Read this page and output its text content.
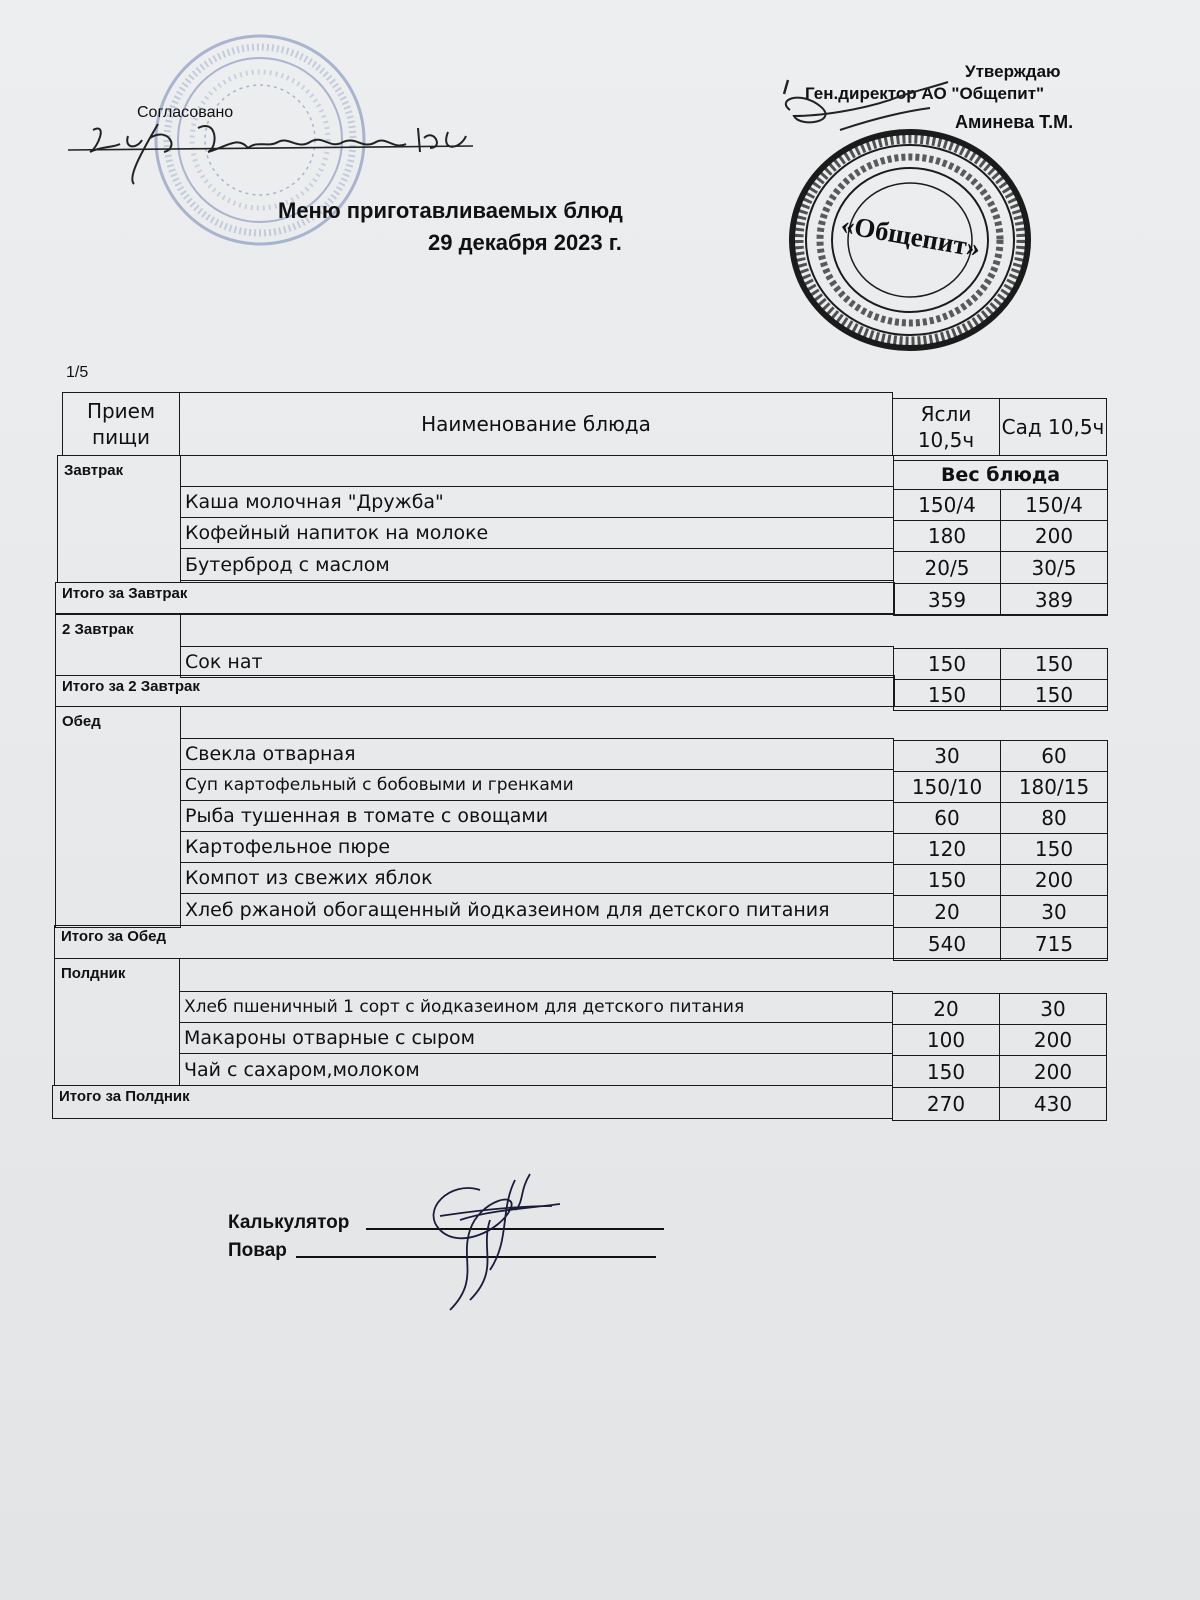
Согласовано
Утверждаю
Ген.директор АО "Общепит"
Аминева Т.М.
«Общепит»
Меню приготавливаемых блюд
29 декабря 2023 г.
1/5
Прием пищи
Наименование блюда	Ясли 10,5ч
Сад 10,5ч
Завтрак	Вес блюда
Каша молочная "Дружба"	150/4	150/4
Кофейный напиток на молоке	180	200
Бутерброд с маслом	20/5	30/5
Итого за Завтрак	359	389
2 Завтрак
Сок нат	150	150
Итого за 2 Завтрак	150	150
Обед
Свекла отварная	30	60
Суп картофельный с бобовыми и гренками	150/10	180/15
Рыба тушенная в томате с овощами	60	80
Картофельное пюре	120	150
Компот из свежих яблок	150	200
Хлеб ржаной обогащенный йодказеином для детского питания	20	30
Итого за Обед	540	715
Полдник
Хлеб пшеничный 1 сорт с йодказеином для детского питания	20	30
Макароны отварные с сыром	100	200
Чай с сахаром,молоком	150	200
Итого за Полдник	270	430
Калькулятор
Повар
